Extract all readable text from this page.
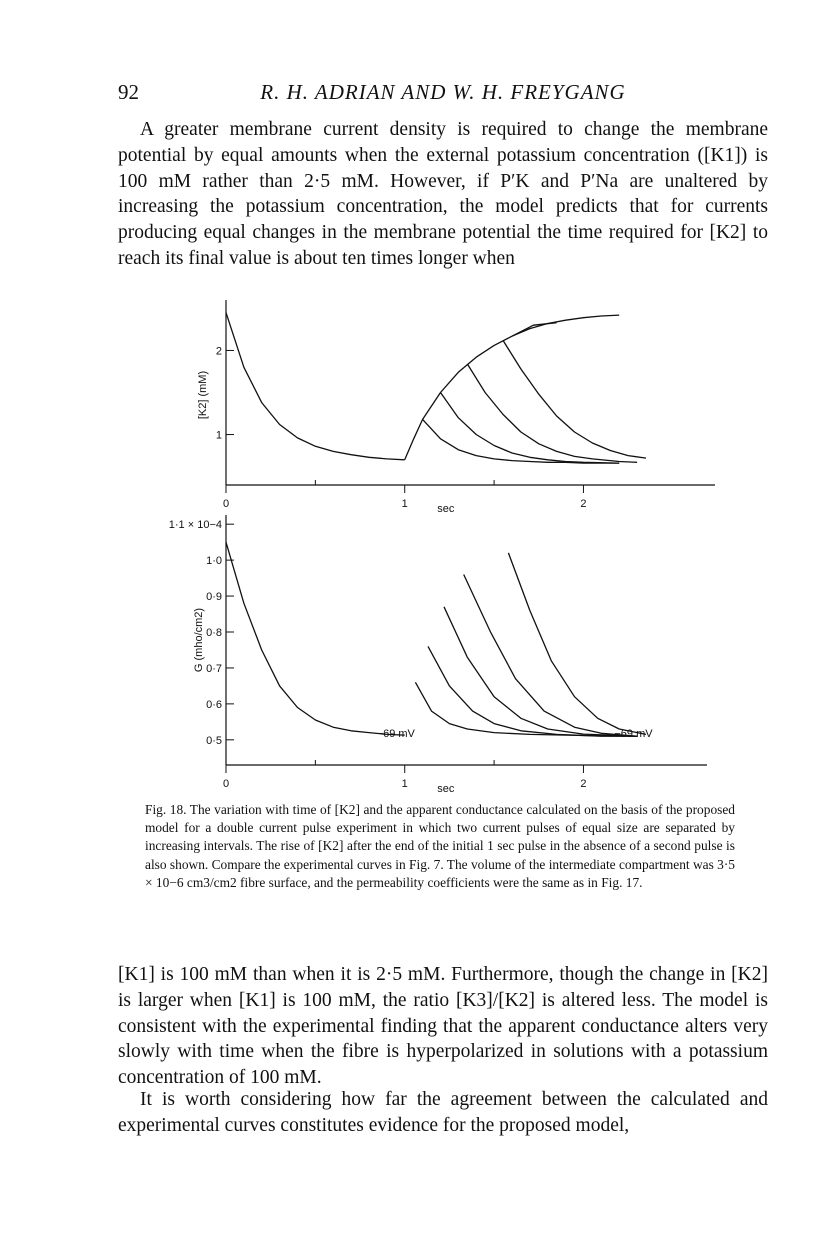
92	R. H. ADRIAN AND W. H. FREYGANG

A greater membrane current density is required to change the membrane potential by equal amounts when the external potassium concentration ([K1]) is 100 mM rather than 2·5 mM. However, if P′K and P′Na are unaltered by increasing the potassium concentration, the model predicts that for currents producing equal changes in the membrane potential the time required for [K2] to reach its final value is about ten times longer when

0	1	2
sec
1
2
[K2] (mM)
0	1	2
sec
0·5
0·6
0·7
0·8
0·9
1·0
1·1 × 10−4
G (mho/cm2)
−69 mV	−69 mV

Fig. 18. The variation with time of [K2] and the apparent conductance calculated on the basis of the proposed model for a double current pulse experiment in which two current pulses of equal size are separated by increasing intervals. The rise of [K2] after the end of the initial 1 sec pulse in the absence of a second pulse is also shown. Compare the experimental curves in Fig. 7. The volume of the intermediate compartment was 3·5 × 10−6 cm3/cm2 fibre surface, and the permeability coefficients were the same as in Fig. 17.

[K1] is 100 mM than when it is 2·5 mM. Furthermore, though the change in [K2] is larger when [K1] is 100 mM, the ratio [K3]/[K2] is altered less. The model is consistent with the experimental finding that the apparent conductance alters very slowly with time when the fibre is hyperpolarized in solutions with a potassium concentration of 100 mM.

It is worth considering how far the agreement between the calculated and experimental curves constitutes evidence for the proposed model,
